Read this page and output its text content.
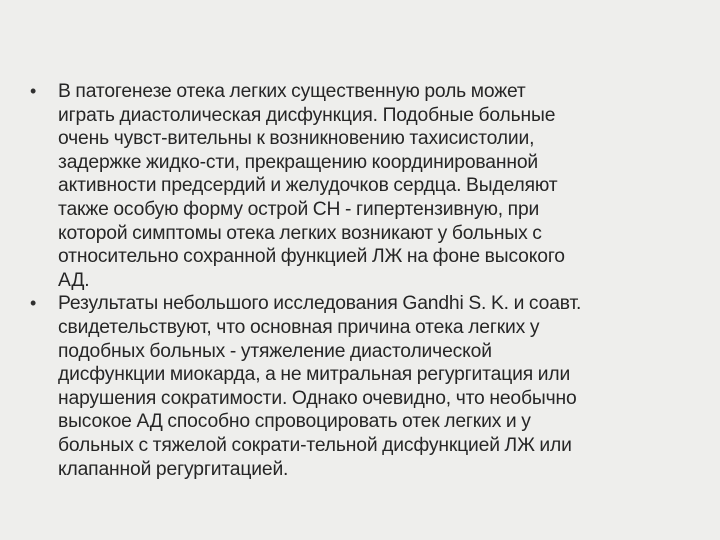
• В патогенезе отека легких существенную роль может
играть диастолическая дисфункция. Подобные больные
очень чувст-вительны к возникновению тахисистолии,
задержке жидко-сти, прекращению координированной
активности предсердий и желудочков сердца. Выделяют
также особую форму острой СН - гипертензивную, при
которой симптомы отека легких возникают у больных с
относительно сохранной функцией ЛЖ на фоне высокого
АД.
• Результаты небольшого исследования Gandhi S. K. и соавт.
свидетельствуют, что основная причина отека легких у
подобных больных - утяжеление диастолической
дисфункции миокарда, а не митральная регургитация или
нарушения сократимости. Однако очевидно, что необычно
высокое АД способно спровоцировать отек легких и у
больных с тяжелой сократи-тельной дисфункцией ЛЖ или
клапанной регургитацией.
